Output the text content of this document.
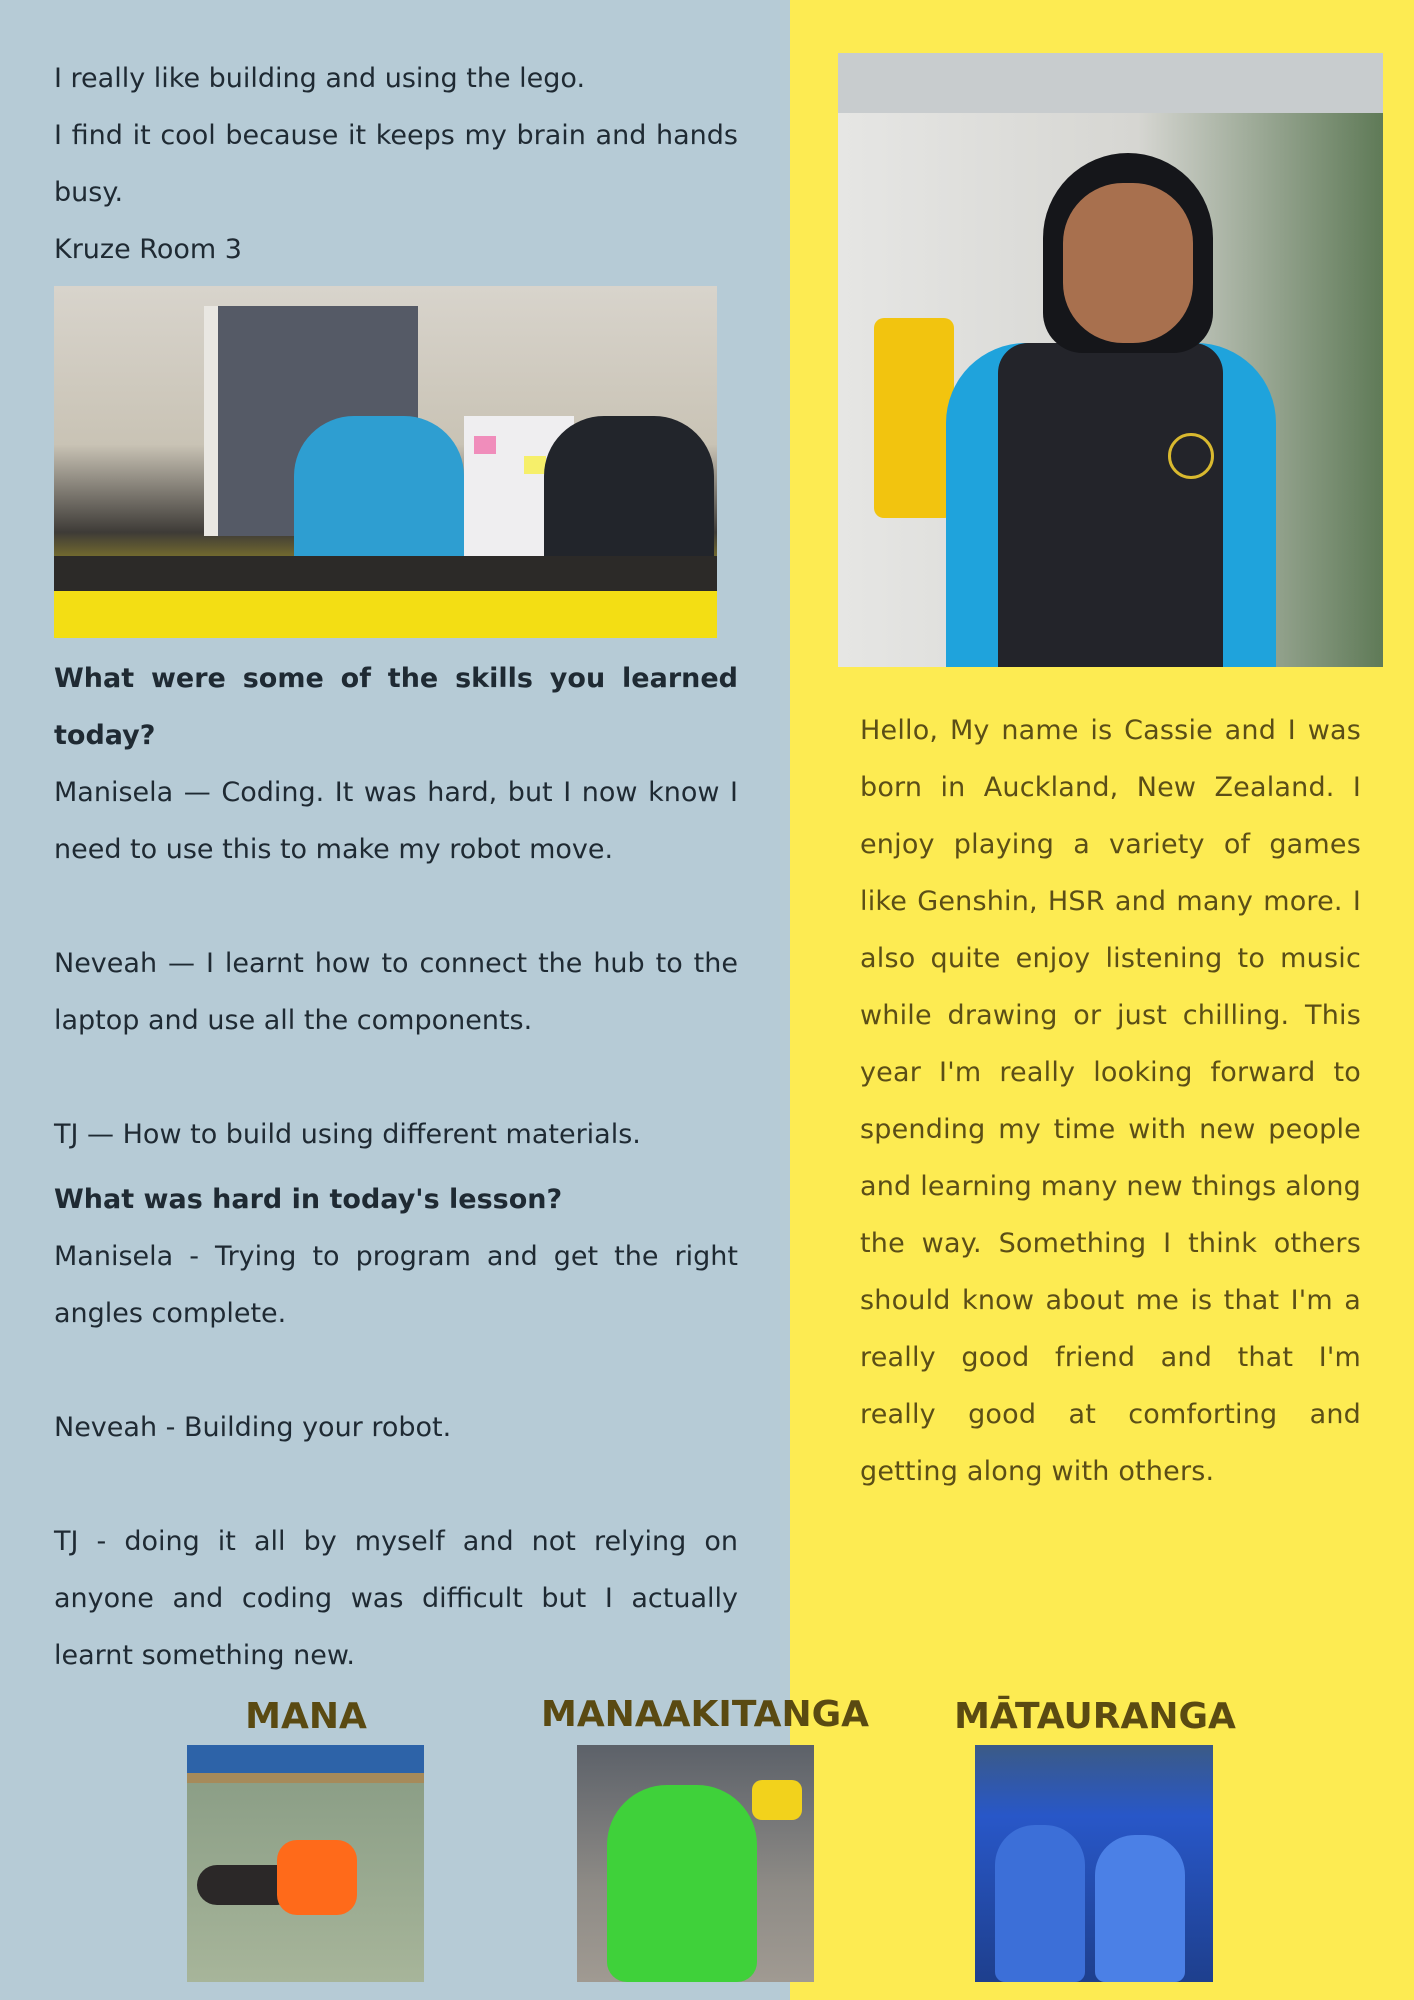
I really like building and using the lego.

I find it cool because it keeps my brain and hands busy.

Kruze Room 3

What were some of the skills you learned today?

Manisela — Coding. It was hard, but I now know I need to use this to make my robot move.

Neveah — I learnt how to connect the hub to the laptop and use all the components.

TJ — How to build using different materials.

What was hard in today's lesson?

Manisela - Trying to program and get the right angles complete.

Neveah - Building your robot.

TJ - doing it all by myself and not relying on anyone and coding was difficult but I actually learnt something new.

Hello, My name is Cassie and I was born in Auckland, New Zealand. I enjoy playing a variety of games like Genshin, HSR and many more. I also quite enjoy listening to music while drawing or just chilling. This year I'm really looking forward to spending my time with new people and learning many new things along the way. Something I think others should know about me is that I'm a really good friend and that I'm really good at comforting and getting along with others.

MANA	MANAAKITANGA	MĀTAURANGA
